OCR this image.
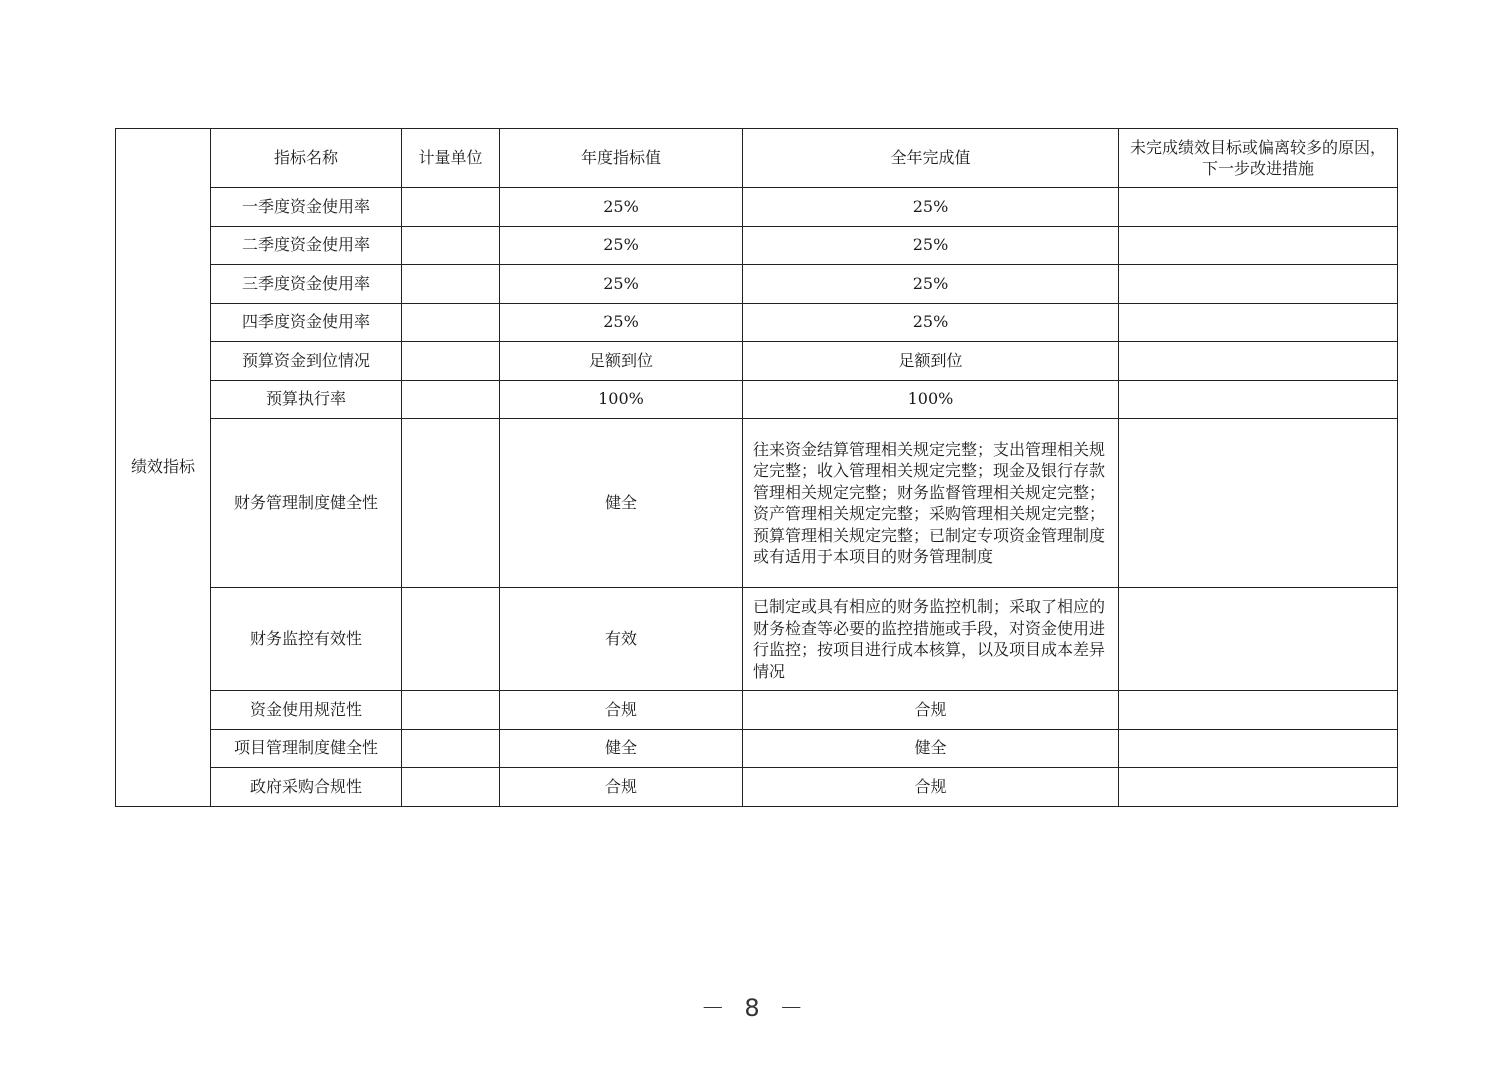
绩效指标	指标名称	计量单位	年度指标值	全年完成值	未完成绩效目标或偏离较多的原因，下一步改进措施
	一季度资金使用率		25%	25%	
	二季度资金使用率		25%	25%	
	三季度资金使用率		25%	25%	
	四季度资金使用率		25%	25%	
	预算资金到位情况		足额到位	足额到位	
	预算执行率		100%	100%	
	财务管理制度健全性		健全	往来资金结算管理相关规定完整；支出管理相关规定完整；收入管理相关规定完整；现金及银行存款管理相关规定完整；财务监督管理相关规定完整；资产管理相关规定完整；采购管理相关规定完整；预算管理相关规定完整；已制定专项资金管理制度或有适用于本项目的财务管理制度	
	财务监控有效性		有效	已制定或具有相应的财务监控机制；采取了相应的财务检查等必要的监控措施或手段，对资金使用进行监控；按项目进行成本核算，以及项目成本差异情况	
	资金使用规范性		合规	合规	
	项目管理制度健全性		健全	健全	
	政府采购合规性		合规	合规	
－ 8 －
